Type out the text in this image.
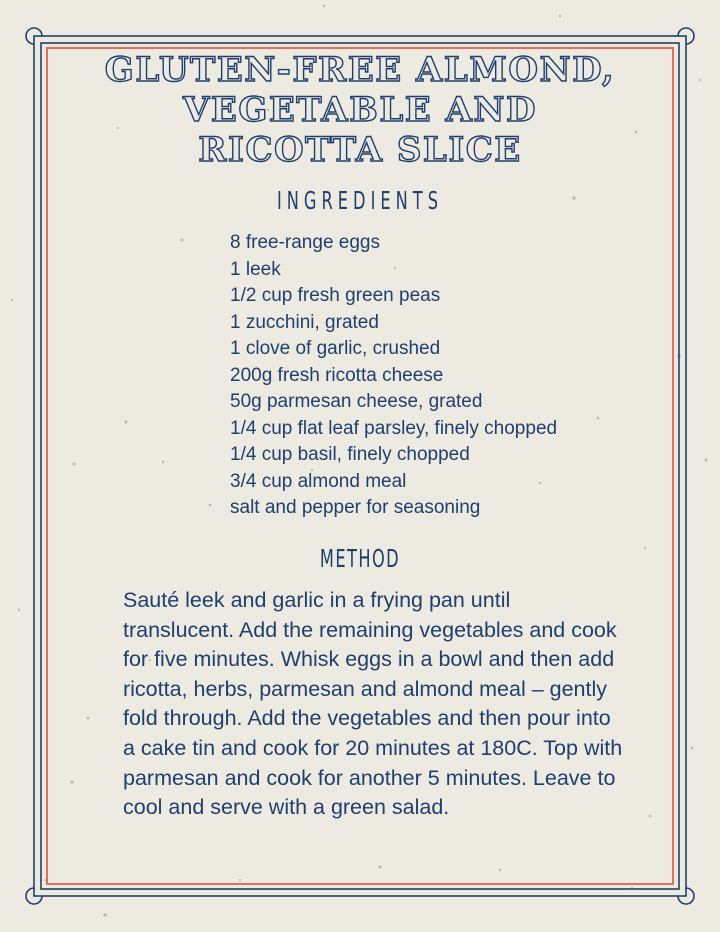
GLUTEN-FREE ALMOND,
VEGETABLE AND
RICOTTA SLICE
INGREDIENTS
8 free-range eggs
1 leek
1/2 cup fresh green peas
1 zucchini, grated
1 clove of garlic, crushed
200g fresh ricotta cheese
50g parmesan cheese, grated
1/4 cup flat leaf parsley, finely chopped
1/4 cup basil, finely chopped
3/4 cup almond meal
salt and pepper for seasoning
METHOD

Sauté leek and garlic in a frying pan until translucent. Add the remaining vegetables and cook for five minutes. Whisk eggs in a bowl and then add ricotta, herbs, parmesan and almond meal – gently fold through. Add the vegetables and then pour into a cake tin and cook for 20 minutes at 180C. Top with parmesan and cook for another 5 minutes. Leave to cool and serve with a green salad.
